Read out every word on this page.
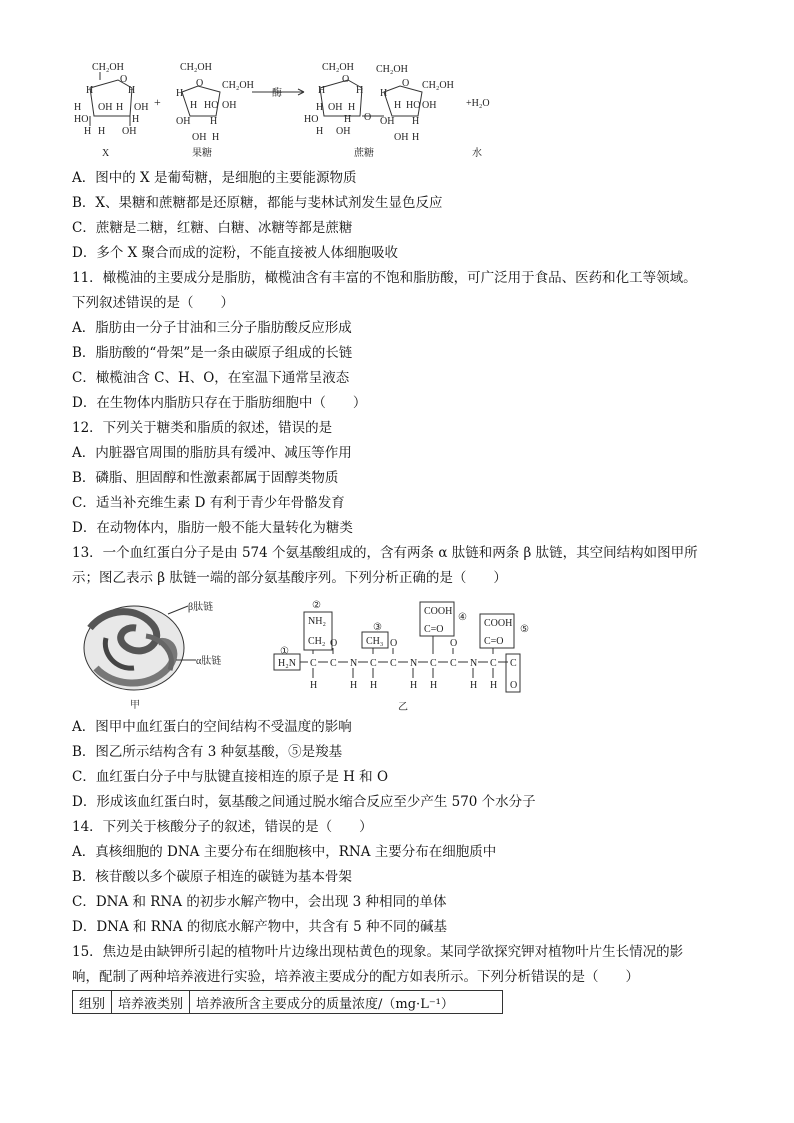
CH₂OH
O
H	H
H OH H OH
HO	H
H	OH
H
X
+
CH₂OH
O
H
CH₂OH
H HO OH
OH H
OH H
果糖
酶
CH₂OH
O
H	H
H OH H
HO	H
H OH
O
CH₂OH
O
H
CH₂OH
H HO OH
OH H
OH H
蔗糖
+H₂O
水
A．图中的 X 是葡萄糖，是细胞的主要能源物质
B．X、果糖和蔗糖都是还原糖，都能与斐林试剂发生显色反应
C．蔗糖是二糖，红糖、白糖、冰糖等都是蔗糖
D．多个 X 聚合而成的淀粉，不能直接被人体细胞吸收
11．橄榄油的主要成分是脂肪，橄榄油含有丰富的不饱和脂肪酸，可广泛用于食品、医药和化工等领域。
下列叙述错误的是（　　）
A．脂肪由一分子甘油和三分子脂肪酸反应形成
B．脂肪酸的“骨架”是一条由碳原子组成的长链
C．橄榄油含 C、H、O，在室温下通常呈液态
D．在生物体内脂肪只存在于脂肪细胞中（　　）
12．下列关于糖类和脂质的叙述，错误的是
A．内脏器官周围的脂肪具有缓冲、减压等作用
B．磷脂、胆固醇和性激素都属于固醇类物质
C．适当补充维生素 D 有利于青少年骨骼发育
D．在动物体内，脂肪一般不能大量转化为糖类
13．一个血红蛋白分子是由 574 个氨基酸组成的，含有两条 α 肽链和两条 β 肽链，其空间结构如图甲所
示；图乙表示 β 肽链一端的部分氨基酸序列。下列分析正确的是（　　）
β肽链
α肽链
甲
①
②
③
④
⑤
H₂N
NH₂
CH₂	CH₃
COOH
C=O
COOH
C=O
C C N C C N C C N C C
O	O	O
H	H H	H H	H H O
乙
A．图甲中血红蛋白的空间结构不受温度的影响
B．图乙所示结构含有 3 种氨基酸，⑤是羧基
C．血红蛋白分子中与肽键直接相连的原子是 H 和 O
D．形成该血红蛋白时，氨基酸之间通过脱水缩合反应至少产生 570 个水分子
14．下列关于核酸分子的叙述，错误的是（　　）
A．真核细胞的 DNA 主要分布在细胞核中，RNA 主要分布在细胞质中
B．核苷酸以多个碳原子相连的碳链为基本骨架
C．DNA 和 RNA 的初步水解产物中，会出现 3 种相同的单体
D．DNA 和 RNA 的彻底水解产物中，共含有 5 种不同的碱基
15．焦边是由缺钾所引起的植物叶片边缘出现枯黄色的现象。某同学欲探究钾对植物叶片生长情况的影
响，配制了两种培养液进行实验，培养液主要成分的配方如表所示。下列分析错误的是（　　）
组别	培养液类别	培养液所含主要成分的质量浓度/（mg·L⁻¹）
